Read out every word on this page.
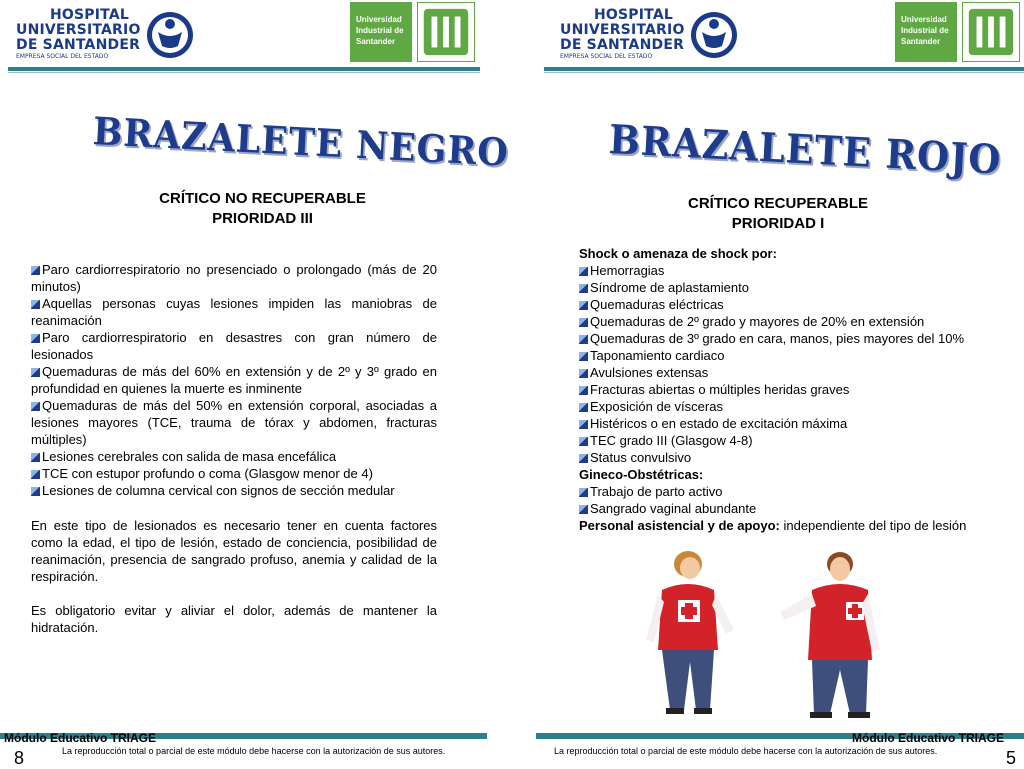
HOSPITAL
UNIVERSITARIO
DE SANTANDER
EMPRESA SOCIAL DEL ESTADO
Universidad
Industrial de
Santander
BRAZALETE NEGRO
CRÍTICO NO RECUPERABLE
PRIORIDAD III
Paro cardiorrespiratorio no presenciado o prolongado (más de 20 minutos)
Aquellas personas cuyas lesiones impiden las maniobras de reanimación
Paro cardiorrespiratorio en desastres con gran número de lesionados
Quemaduras de más del 60% en extensión y de 2º y 3º grado en profundidad en quienes la muerte es inminente
Quemaduras de más del 50% en extensión corporal, asociadas a lesiones mayores (TCE, trauma de tórax y abdomen, fracturas múltiples)
Lesiones cerebrales con salida de masa encefálica
TCE con estupor profundo o coma (Glasgow menor de 4)
Lesiones de columna cervical con signos de sección medular
En este tipo de lesionados es necesario tener en cuenta factores como la edad, el tipo de lesión, estado de conciencia, posibilidad de reanimación, presencia de sangrado profuso, anemia y calidad de la respiración.
Es obligatorio evitar y aliviar el dolor, además de mantener la hidratación.
Módulo Educativo TRIAGE
8	La reproducción total o parcial de este módulo debe hacerse con la autorización de sus autores.
HOSPITAL
UNIVERSITARIO
DE SANTANDER
EMPRESA SOCIAL DEL ESTADO
Universidad
Industrial de
Santander
BRAZALETE ROJO
CRÍTICO RECUPERABLE
PRIORIDAD I
Shock o amenaza de shock por:
Hemorragias
Síndrome de aplastamiento
Quemaduras eléctricas
Quemaduras de 2º grado y mayores de 20% en extensión
Quemaduras de 3º grado en cara, manos, pies mayores del 10%
Taponamiento cardiaco
Avulsiones extensas
Fracturas abiertas o múltiples heridas graves
Exposición de vísceras
Histéricos o en estado de excitación máxima
TEC grado III (Glasgow 4-8)
Status convulsivo
Gineco-Obstétricas:
Trabajo de parto activo
Sangrado vaginal abundante
Personal asistencial y de apoyo: independiente del tipo de lesión
Módulo Educativo TRIAGE
La reproducción total o parcial de este módulo debe hacerse con la autorización de sus autores.	5
